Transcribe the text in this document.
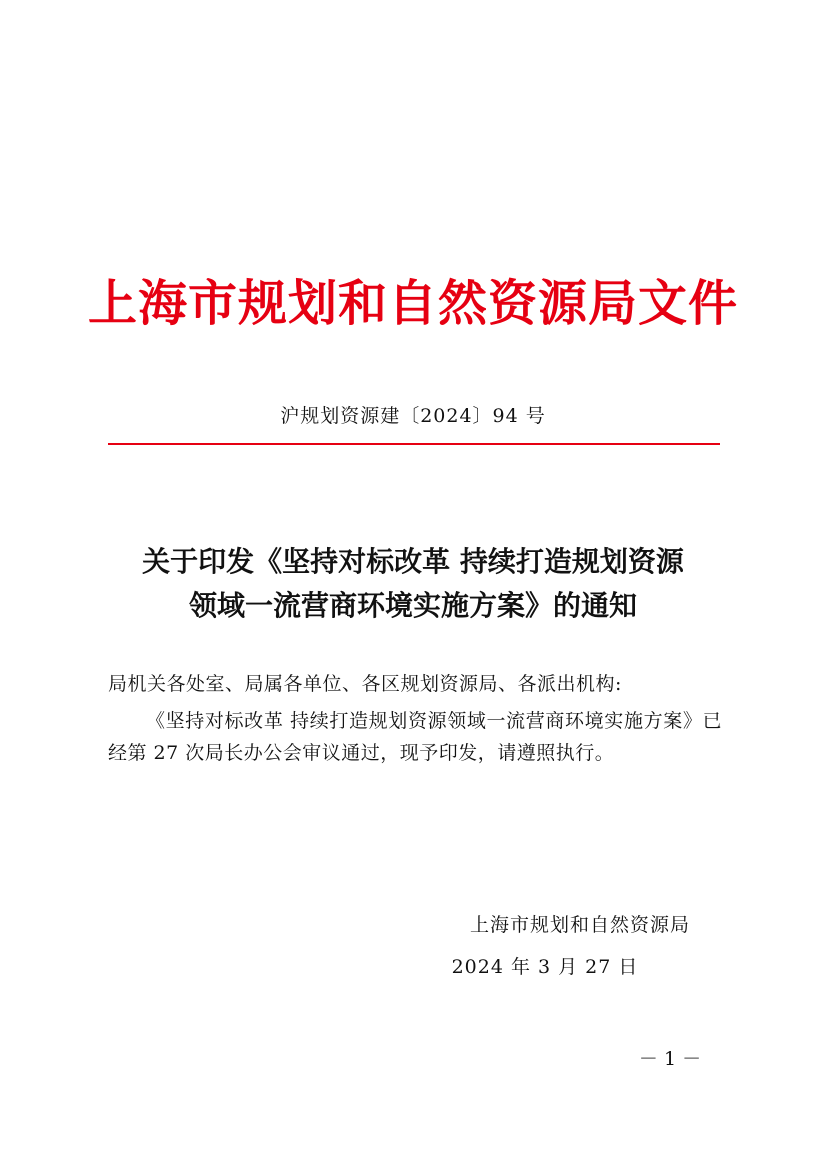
上海市规划和自然资源局文件
沪规划资源建〔2024〕94 号
关于印发《坚持对标改革 持续打造规划资源
领域一流营商环境实施方案》的通知
局机关各处室、局属各单位、各区规划资源局、各派出机构:
《坚持对标改革 持续打造规划资源领域一流营商环境实施方案》已经第 27 次局长办公会审议通过，现予印发，请遵照执行。
上海市规划和自然资源局
2024 年 3 月 27 日
－ 1 －
